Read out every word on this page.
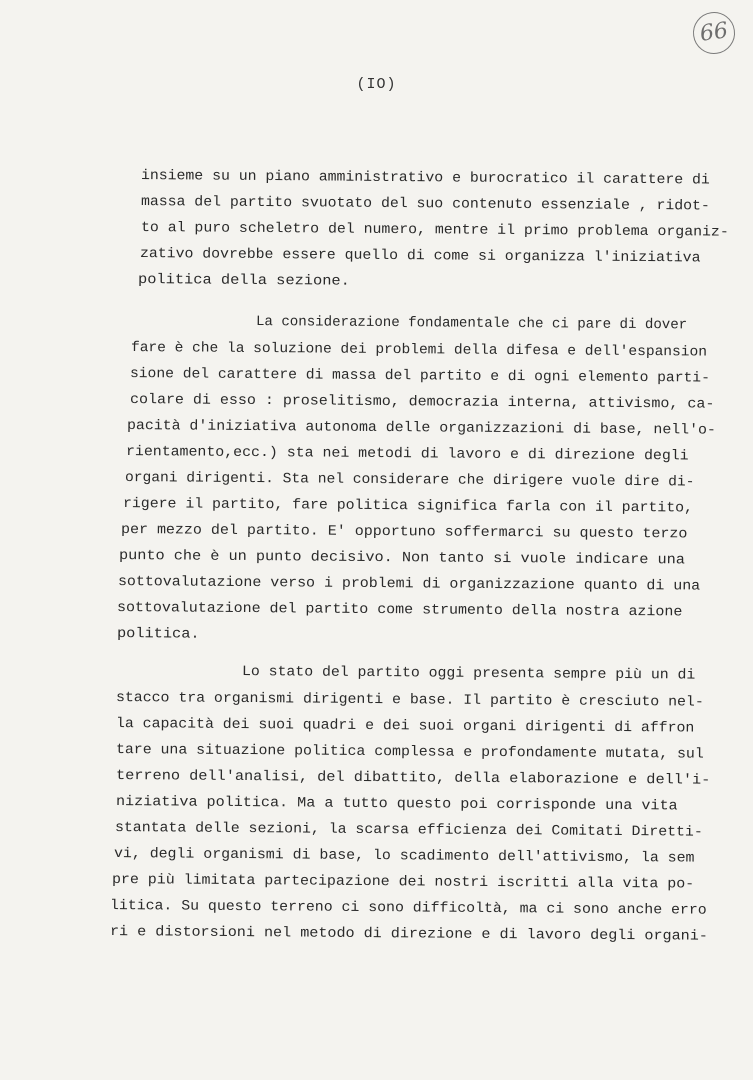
66
(IO)
insieme su un piano amministrativo e burocratico il carattere di
massa del partito svuotato del suo contenuto essenziale , ridot-
to al puro scheletro del numero, mentre il primo problema organiz-
zativo dovrebbe essere quello di come si organizza l'iniziativa
politica della sezione.
La considerazione fondamentale che ci pare di dover
fare è che la soluzione dei problemi della difesa e dell'espansion
sione del carattere di massa del partito e di ogni elemento parti-
colare di esso : proselitismo, democrazia interna, attivismo, ca-
pacità d'iniziativa autonoma delle organizzazioni di base, nell'o-
rientamento,ecc.) sta nei metodi di lavoro e di direzione degli
organi dirigenti. Sta nel considerare che dirigere vuole dire di-
rigere il partito, fare politica significa farla con il partito,
per mezzo del partito. E' opportuno soffermarci su questo terzo
punto che è un punto decisivo. Non tanto si vuole indicare una
sottovalutazione verso i problemi di organizzazione quanto di una
sottovalutazione del partito come strumento della nostra azione
politica.
Lo stato del partito oggi presenta sempre più un di
stacco tra organismi dirigenti e base. Il partito è cresciuto nel-
la capacità dei suoi quadri e dei suoi organi dirigenti di affron
tare una situazione politica complessa e profondamente mutata, sul
terreno dell'analisi, del dibattito, della elaborazione e dell'i-
niziativa politica. Ma a tutto questo poi corrisponde una vita
stantata delle sezioni, la scarsa efficienza dei Comitati Diretti-
vi, degli organismi di base, lo scadimento dell'attivismo, la sem
pre più limitata partecipazione dei nostri iscritti alla vita po-
litica. Su questo terreno ci sono difficoltà, ma ci sono anche erro
ri e distorsioni nel metodo di direzione e di lavoro degli organi-
